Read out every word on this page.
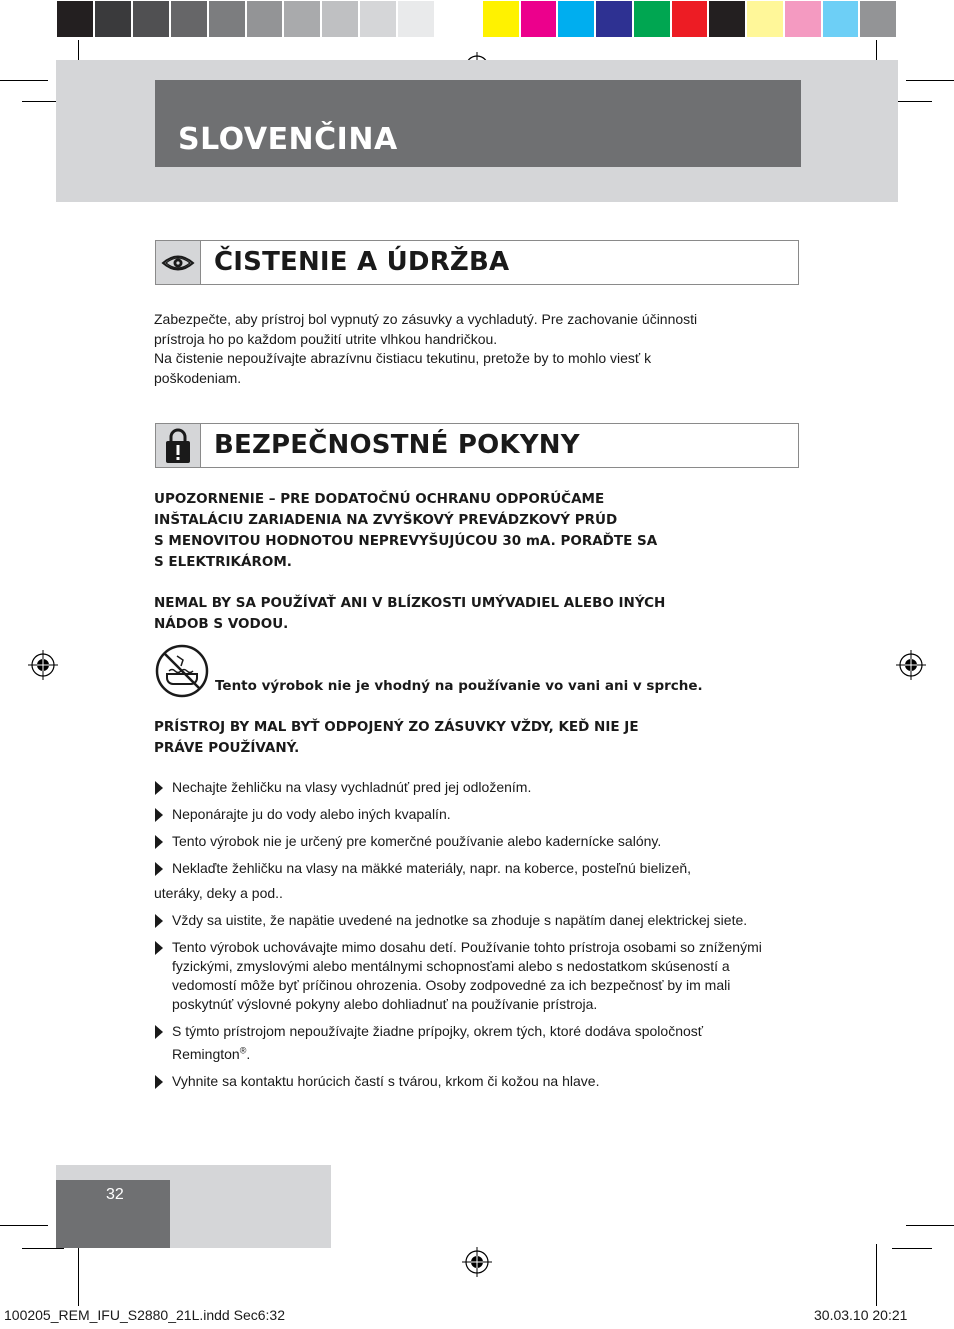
SLOVENČINA
ČISTENIE A ÚDRŽBA
Zabezpečte, aby prístroj bol vypnutý zo zásuvky a vychladutý. Pre zachovanie účinnosti
prístroja ho po každom použití utrite vlhkou handričkou.
Na čistenie nepoužívajte abrazívnu čistiacu tekutinu, pretože by to mohlo viesť k
poškodeniam.
BEZPEČNOSTNÉ POKYNY
UPOZORNENIE – PRE DODATOČNÚ OCHRANU ODPORÚČAME
INŠTALÁCIU ZARIADENIA NA ZVYŠKOVÝ PREVÁDZKOVÝ PRÚD
S MENOVITOU HODNOTOU NEPREVYŠUJÚCOU 30 mA. PORAĎTE SA
S ELEKTRIKÁROM.
NEMAL BY SA POUŽÍVAŤ ANI V BLÍZKOSTI UMÝVADIEL ALEBO INÝCH
NÁDOB S VODOU.
Tento výrobok nie je vhodný na používanie vo vani ani v sprche.
PRÍSTROJ BY MAL BYŤ ODPOJENÝ ZO ZÁSUVKY VŽDY, KEĎ NIE JE
PRÁVE POUŽÍVANÝ.
Nechajte žehličku na vlasy vychladnúť pred jej odložením.
Neponárajte ju do vody alebo iných kvapalín.
Tento výrobok nie je určený pre komerčné používanie alebo kadernícke salóny.
Neklaďte žehličku na vlasy na mäkké materiály, napr. na koberce, posteľnú bielizeň,
uteráky, deky a pod..
Vždy sa uistite, že napätie uvedené na jednotke sa zhoduje s napätím danej elektrickej siete.
Tento výrobok uchovávajte mimo dosahu detí. Používanie tohto prístroja osobami so zníženými fyzickými, zmyslovými alebo mentálnymi schopnosťami alebo s nedostatkom skúseností a vedomostí môže byť príčinou ohrozenia. Osoby zodpovedné za ich bezpečnosť by im mali poskytnúť výslovné pokyny alebo dohliadnuť na používanie prístroja.
S týmto prístrojom nepoužívajte žiadne prípojky, okrem tých, ktoré dodáva spoločnosť Remington®.
Vyhnite sa kontaktu horúcich častí s tvárou, krkom či kožou na hlave.
32
100205_REM_IFU_S2880_21L.indd Sec6:32	30.03.10 20:21
